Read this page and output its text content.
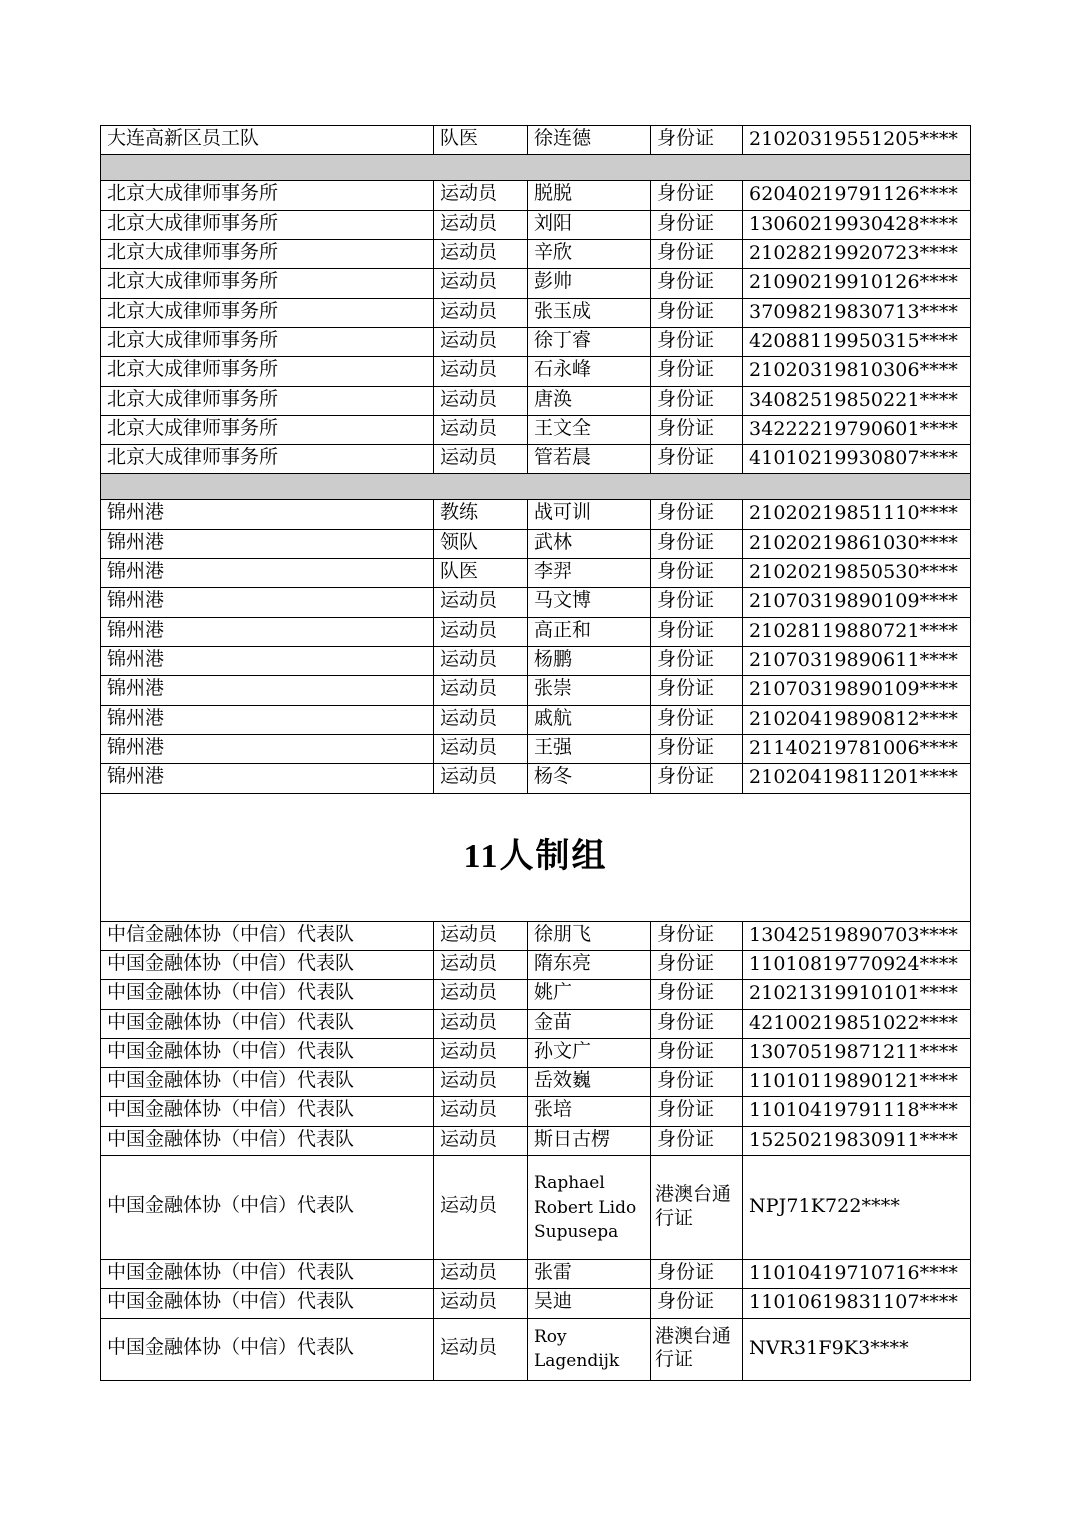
大连高新区员工队	队医	徐连德	身份证	21020319551205****

北京大成律师事务所	运动员	脱脱	身份证	62040219791126****
北京大成律师事务所	运动员	刘阳	身份证	13060219930428****
北京大成律师事务所	运动员	辛欣	身份证	21028219920723****
北京大成律师事务所	运动员	彭帅	身份证	21090219910126****
北京大成律师事务所	运动员	张玉成	身份证	37098219830713****
北京大成律师事务所	运动员	徐丁睿	身份证	42088119950315****
北京大成律师事务所	运动员	石永峰	身份证	21020319810306****
北京大成律师事务所	运动员	唐涣	身份证	34082519850221****
北京大成律师事务所	运动员	王文全	身份证	34222219790601****
北京大成律师事务所	运动员	管若晨	身份证	41010219930807****

锦州港	教练	战可训	身份证	21020219851110****
锦州港	领队	武林	身份证	21020219861030****
锦州港	队医	李羿	身份证	21020219850530****
锦州港	运动员	马文博	身份证	21070319890109****
锦州港	运动员	高正和	身份证	21028119880721****
锦州港	运动员	杨鹏	身份证	21070319890611****
锦州港	运动员	张崇	身份证	21070319890109****
锦州港	运动员	戚航	身份证	21020419890812****
锦州港	运动员	王强	身份证	21140219781006****
锦州港	运动员	杨冬	身份证	21020419811201****
11人制组				
中信金融体协（中信）代表队	运动员	徐朋飞	身份证	13042519890703****
中国金融体协（中信）代表队	运动员	隋东亮	身份证	11010819770924****
中国金融体协（中信）代表队	运动员	姚广	身份证	21021319910101****
中国金融体协（中信）代表队	运动员	金苗	身份证	42100219851022****
中国金融体协（中信）代表队	运动员	孙文广	身份证	13070519871211****
中国金融体协（中信）代表队	运动员	岳效巍	身份证	11010119890121****
中国金融体协（中信）代表队	运动员	张培	身份证	11010419791118****
中国金融体协（中信）代表队	运动员	斯日古楞	身份证	15250219830911****
中国金融体协（中信）代表队	运动员	Raphael Robert Lido Supusepa	港澳台通行证	NPJ71K722****
中国金融体协（中信）代表队	运动员	张雷	身份证	11010419710716****
中国金融体协（中信）代表队	运动员	吴迪	身份证	11010619831107****
中国金融体协（中信）代表队	运动员	Roy Lagendijk	港澳台通行证	NVR31F9K3****
